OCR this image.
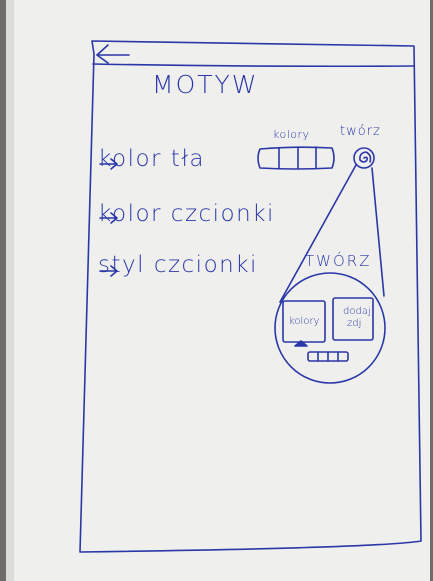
MOTYW
kolor tła
kolor czcionki
styl czcionki
kolory twórz
TWÓRZ
kolory
dodaj
zdj
